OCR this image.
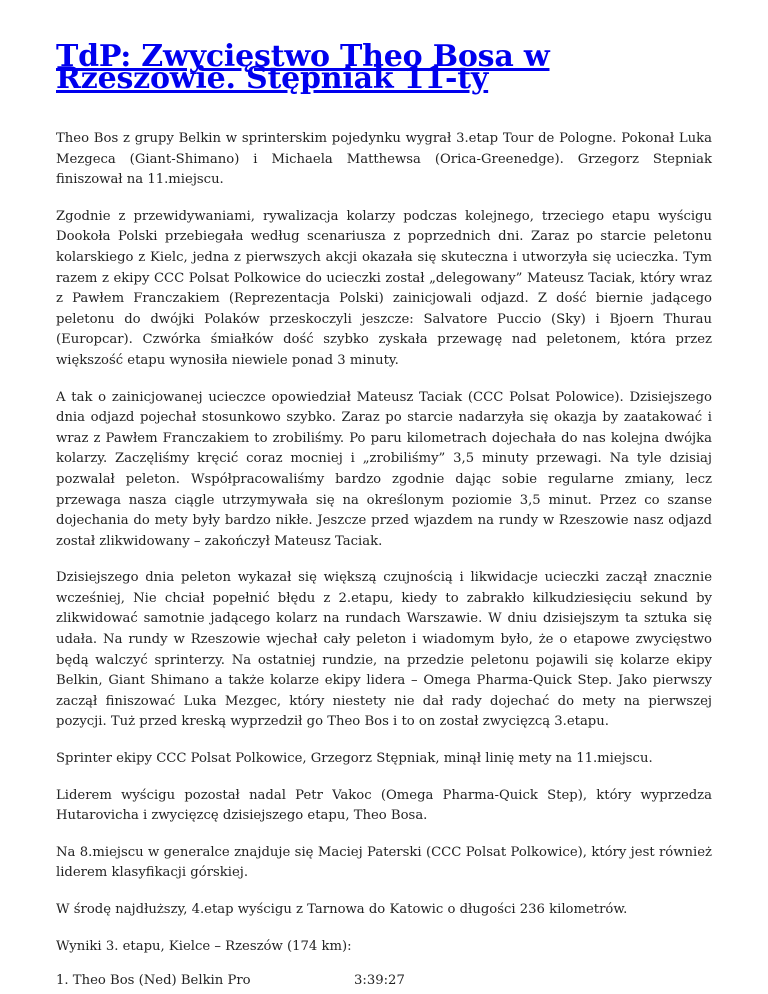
TdP: Zwycięstwo Theo Bosa w Rzeszowie. Stępniak 11-ty

Theo Bos z grupy Belkin w sprinterskim pojedynku wygrał 3.etap Tour de Pologne. Pokonał Luka Mezgeca (Giant-Shimano) i Michaela Matthewsa (Orica-Greenedge). Grzegorz Stepniak finiszował na 11.miejscu.

Zgodnie z przewidywaniami, rywalizacja kolarzy podczas kolejnego, trzeciego etapu wyścigu Dookoła Polski przebiegała według scenariusza z poprzednich dni. Zaraz po starcie peletonu kolarskiego z Kielc, jedna z pierwszych akcji okazała się skuteczna i utworzyła się ucieczka. Tym razem z ekipy CCC Polsat Polkowice do ucieczki został „delegowany” Mateusz Taciak, który wraz z Pawłem Franczakiem (Reprezentacja Polski) zainicjowali odjazd. Z dość biernie jadącego peletonu do dwójki Polaków przeskoczyli jeszcze: Salvatore Puccio (Sky) i Bjoern Thurau (Europcar). Czwórka śmiałków dość szybko zyskała przewagę nad peletonem, która przez większość etapu wynosiła niewiele ponad 3 minuty.

A tak o zainicjowanej ucieczce opowiedział Mateusz Taciak (CCC Polsat Polowice). Dzisiejszego dnia odjazd pojechał stosunkowo szybko. Zaraz po starcie nadarzyła się okazja by zaatakować i wraz z Pawłem Franczakiem to zrobiliśmy. Po paru kilometrach dojechała do nas kolejna dwójka kolarzy. Zaczęliśmy kręcić coraz mocniej i „zrobiliśmy” 3,5 minuty przewagi. Na tyle dzisiaj pozwalał peleton. Współpracowaliśmy bardzo zgodnie dając sobie regularne zmiany, lecz przewaga nasza ciągle utrzymywała się na określonym poziomie 3,5 minut. Przez co szanse dojechania do mety były bardzo nikłe. Jeszcze przed wjazdem na rundy w Rzeszowie nasz odjazd został zlikwidowany – zakończył Mateusz Taciak.

Dzisiejszego dnia peleton wykazał się większą czujnością i likwidacje ucieczki zaczął znacznie wcześniej, Nie chciał popełnić błędu z 2.etapu, kiedy to zabrakło kilkudziesięciu sekund by zlikwidować samotnie jadącego kolarz na rundach Warszawie. W dniu dzisiejszym ta sztuka się udała. Na rundy w Rzeszowie wjechał cały peleton i wiadomym było, że o etapowe zwycięstwo będą walczyć sprinterzy. Na ostatniej rundzie, na przedzie peletonu pojawili się kolarze ekipy Belkin, Giant Shimano a także kolarze ekipy lidera – Omega Pharma-Quick Step. Jako pierwszy zaczął finiszować Luka Mezgec, który niestety nie dał rady dojechać do mety na pierwszej pozycji. Tuż przed kreską wyprzedził go Theo Bos i to on został zwycięzcą 3.etapu.

Sprinter ekipy CCC Polsat Polkowice, Grzegorz Stępniak, minął linię mety na 11.miejscu.

Liderem wyścigu pozostał nadal Petr Vakoc (Omega Pharma-Quick Step), który wyprzedza Hutarovicha i zwycięzcę dzisiejszego etapu, Theo Bosa.

Na 8.miejscu w generalce znajduje się Maciej Paterski (CCC Polsat Polkowice), który jest również liderem klasyfikacji górskiej.

W środę najdłuższy, 4.etap wyścigu z Tarnowa do Katowic o długości 236 kilometrów.

Wyniki 3. etapu, Kielce – Rzeszów (174 km):

1. Theo Bos (Ned) Belkin Pro	3:39:27
